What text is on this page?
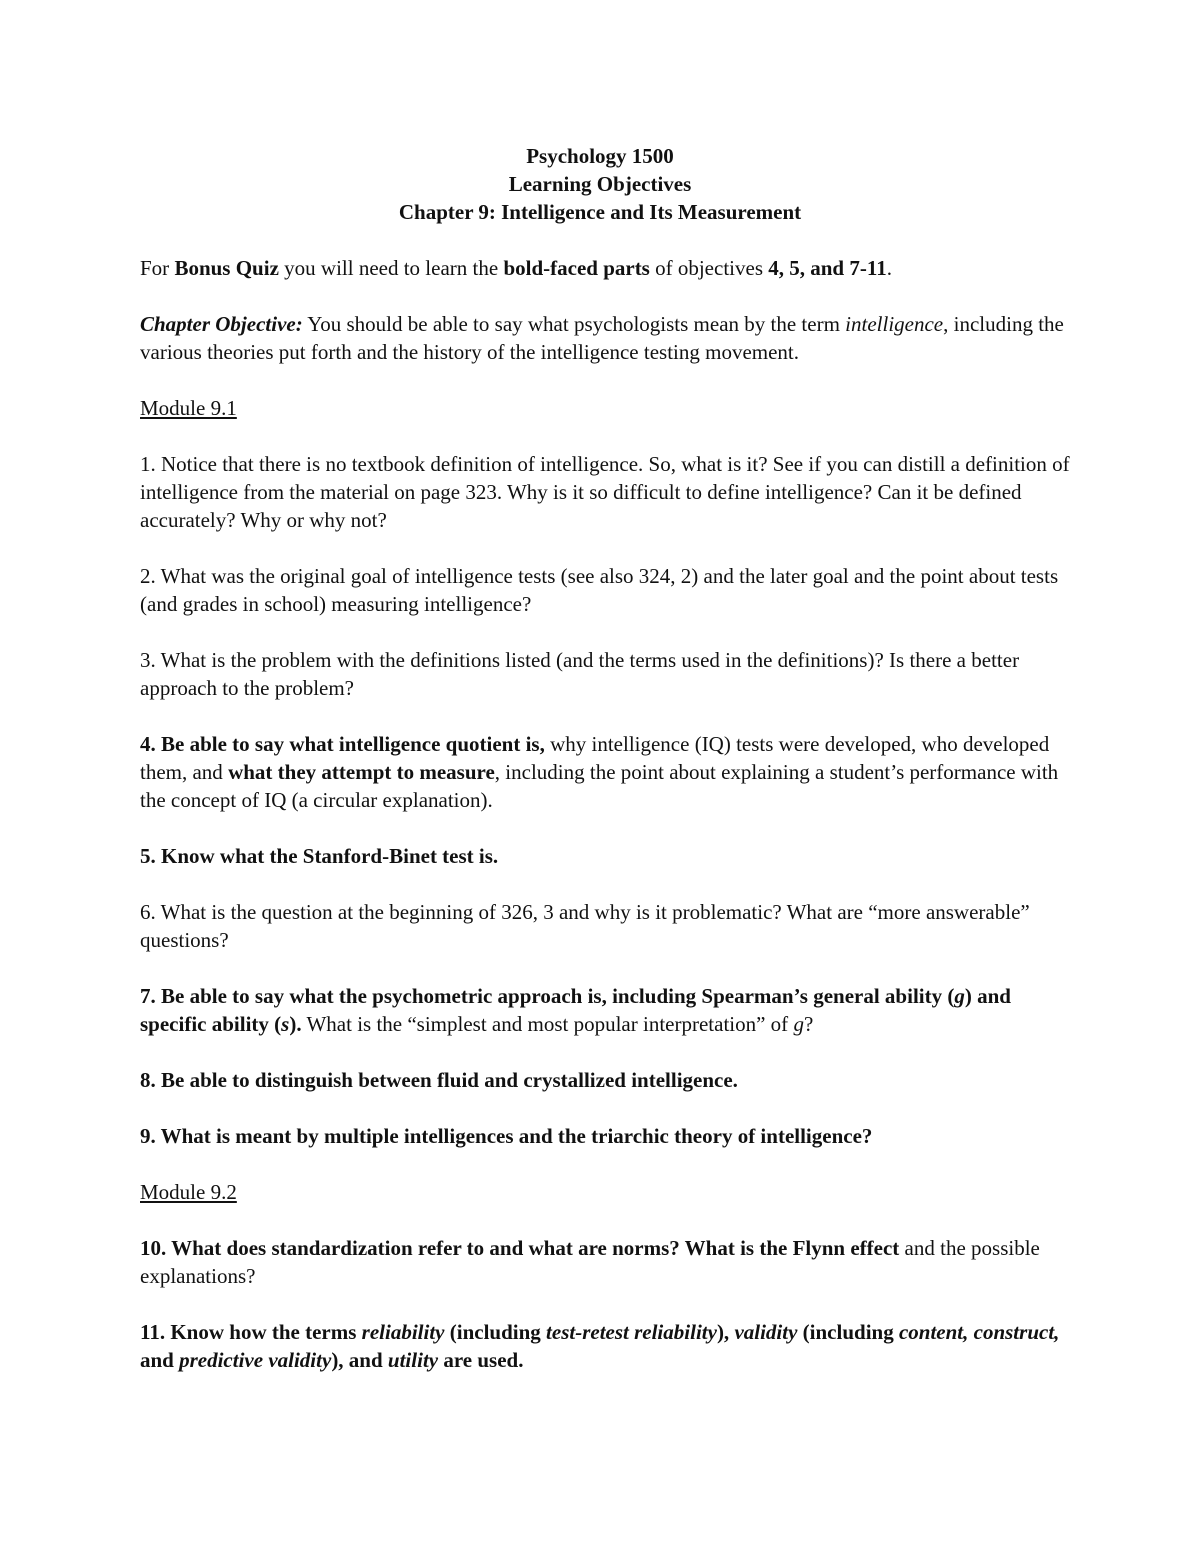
Psychology 1500
Learning Objectives
Chapter 9: Intelligence and Its Measurement

For Bonus Quiz you will need to learn the bold-faced parts of objectives 4, 5, and 7-11.

Chapter Objective: You should be able to say what psychologists mean by the term intelligence, including the various theories put forth and the history of the intelligence testing movement.

Module 9.1

1. Notice that there is no textbook definition of intelligence. So, what is it? See if you can distill a definition of intelligence from the material on page 323. Why is it so difficult to define intelligence? Can it be defined accurately? Why or why not?

2. What was the original goal of intelligence tests (see also 324, 2) and the later goal and the point about tests (and grades in school) measuring intelligence?

3. What is the problem with the definitions listed (and the terms used in the definitions)? Is there a better approach to the problem?

4. Be able to say what intelligence quotient is, why intelligence (IQ) tests were developed, who developed them, and what they attempt to measure, including the point about explaining a student’s performance with the concept of IQ (a circular explanation).

5. Know what the Stanford-Binet test is.

6. What is the question at the beginning of 326, 3 and why is it problematic? What are “more answerable” questions?

7. Be able to say what the psychometric approach is, including Spearman’s general ability (g) and specific ability (s). What is the “simplest and most popular interpretation” of g?

8. Be able to distinguish between fluid and crystallized intelligence.

9. What is meant by multiple intelligences and the triarchic theory of intelligence?

Module 9.2

10. What does standardization refer to and what are norms? What is the Flynn effect and the possible explanations?

11. Know how the terms reliability (including test-retest reliability), validity (including content, construct, and predictive validity), and utility are used.
